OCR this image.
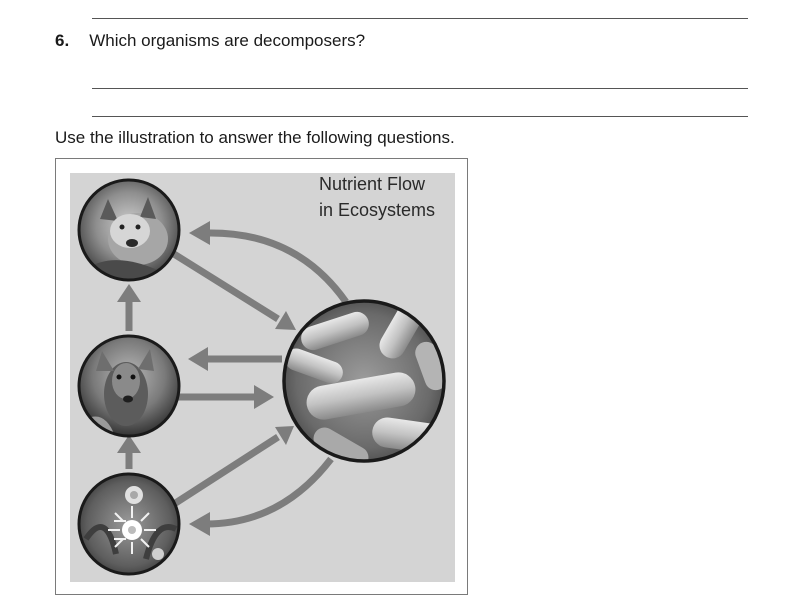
6. Which organisms are decomposers?
Use the illustration to answer the following questions.
Nutrient Flow
in Ecosystems
